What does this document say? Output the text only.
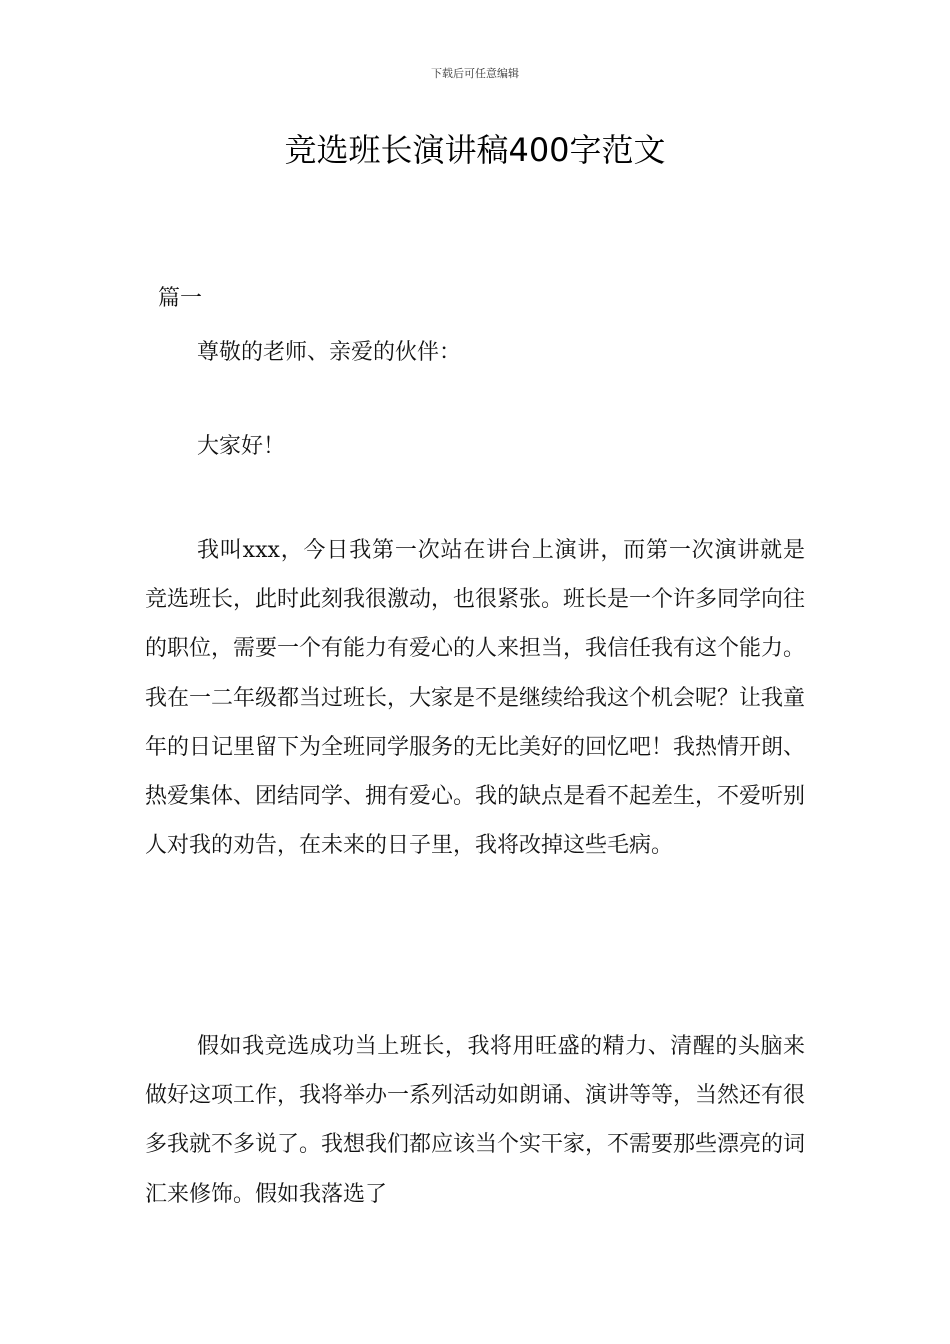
下载后可任意编辑
竞选班长演讲稿400字范文
篇一

尊敬的老师、亲爱的伙伴：

大家好！

我叫xxx，今日我第一次站在讲台上演讲，而第一次演讲就是竞选班长，此时此刻我很激动，也很紧张。班长是一个许多同学向往的职位，需要一个有能力有爱心的人来担当，我信任我有这个能力。我在一二年级都当过班长，大家是不是继续给我这个机会呢？让我童年的日记里留下为全班同学服务的无比美好的回忆吧！我热情开朗、热爱集体、团结同学、拥有爱心。我的缺点是看不起差生，不爱听别人对我的劝告，在未来的日子里，我将改掉这些毛病。

假如我竞选成功当上班长，我将用旺盛的精力、清醒的头脑来做好这项工作，我将举办一系列活动如朗诵、演讲等等，当然还有很多我就不多说了。我想我们都应该当个实干家，不需要那些漂亮的词汇来修饰。假如我落选了
